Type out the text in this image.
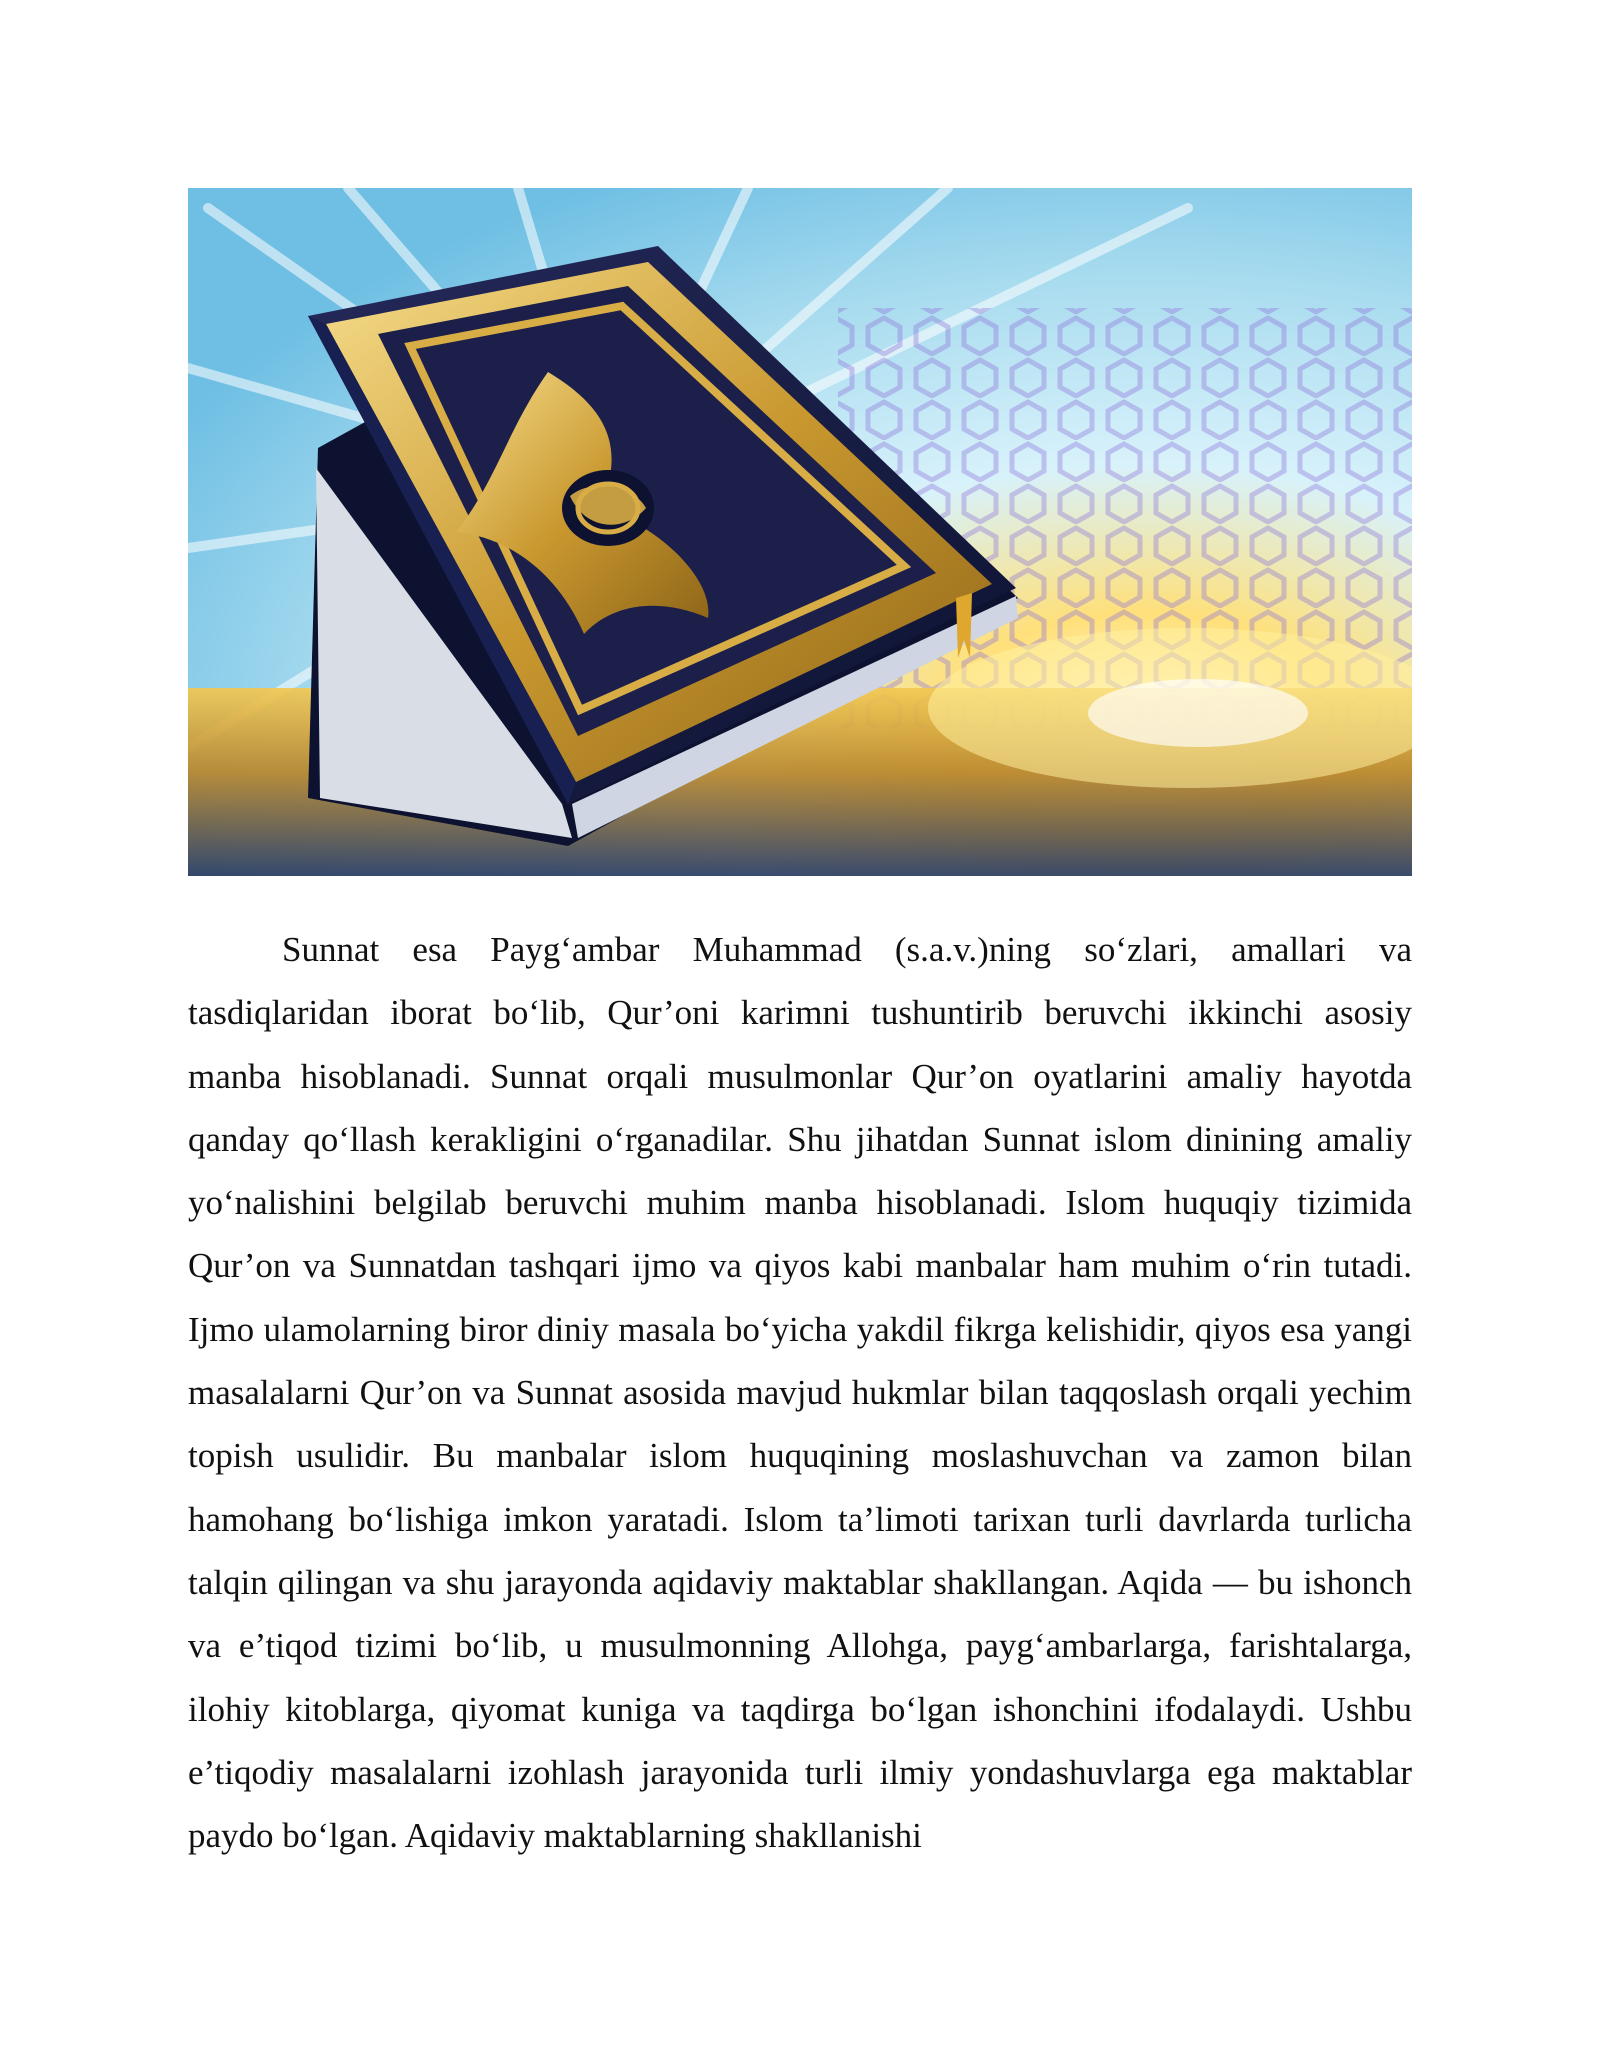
Sunnat esa Payg‘ambar Muhammad (s.a.v.)ning so‘zlari, amallari va tasdiqlaridan iborat bo‘lib, Qur’oni karimni tushuntirib beruvchi ikkinchi asosiy manba hisoblanadi. Sunnat orqali musulmonlar Qur’on oyatlarini amaliy hayotda qanday qo‘llash kerakligini o‘rganadilar. Shu jihatdan Sunnat islom dinining amaliy yo‘nalishini belgilab beruvchi muhim manba hisoblanadi. Islom huquqiy tizimida Qur’on va Sunnatdan tashqari ijmo va qiyos kabi manbalar ham muhim o‘rin tutadi. Ijmo ulamolarning biror diniy masala bo‘yicha yakdil fikrga kelishidir, qiyos esa yangi masalalarni Qur’on va Sunnat asosida mavjud hukmlar bilan taqqoslash orqali yechim topish usulidir. Bu manbalar islom huquqining moslashuvchan va zamon bilan hamohang bo‘lishiga imkon yaratadi. Islom ta’limoti tarixan turli davrlarda turlicha talqin qilingan va shu jarayonda aqidaviy maktablar shakllangan. Aqida — bu ishonch va e’tiqod tizimi bo‘lib, u musulmonning Allohga, payg‘ambarlarga, farishtalarga, ilohiy kitoblarga, qiyomat kuniga va taqdirga bo‘lgan ishonchini ifodalaydi. Ushbu e’tiqodiy masalalarni izohlash jarayonida turli ilmiy yondashuvlarga ega maktablar paydo bo‘lgan. Aqidaviy maktablarning shakllanishi
